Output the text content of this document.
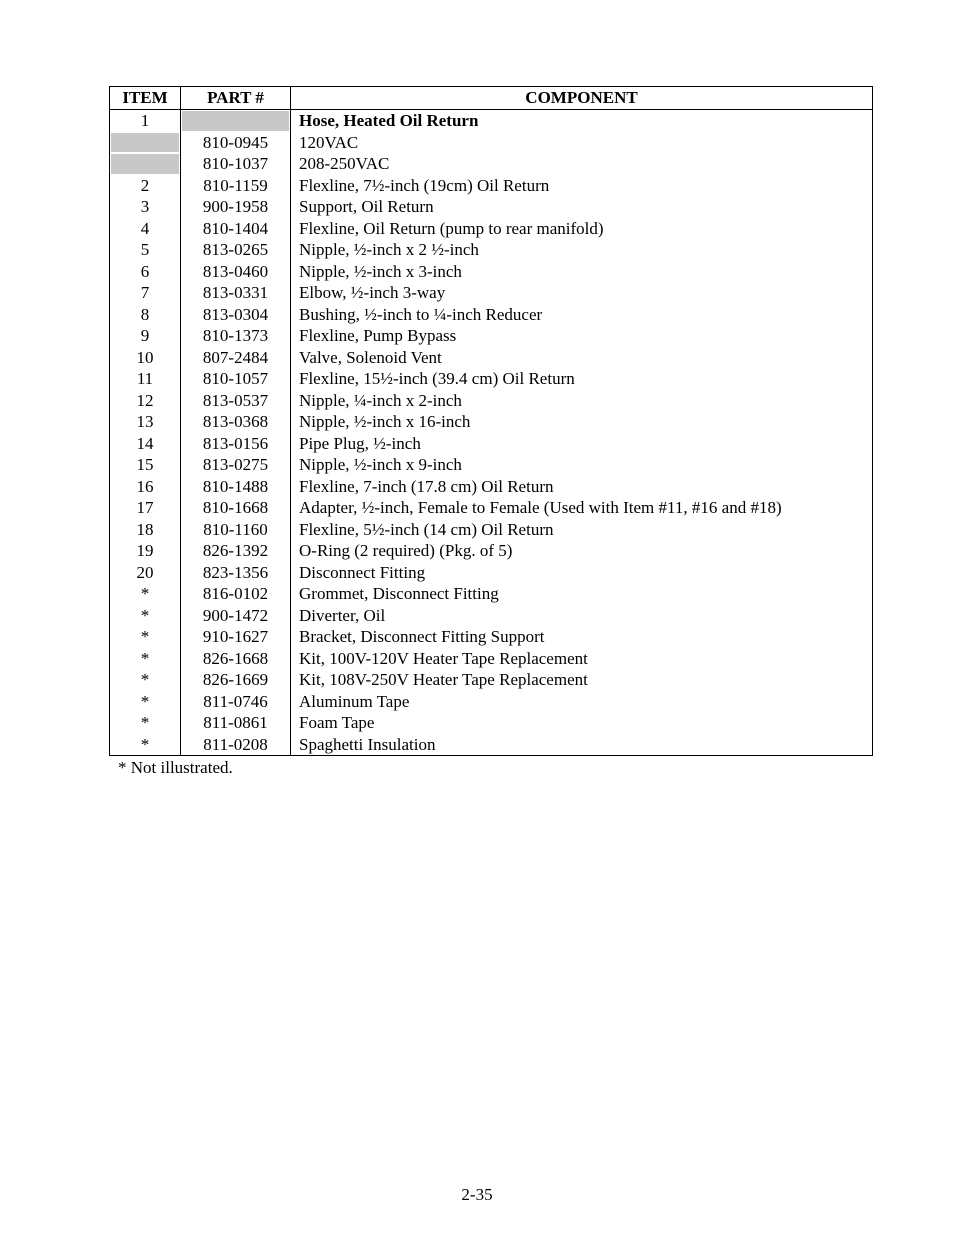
ITEM	PART #	COMPONENT
1		Hose, Heated Oil Return

	810-0945	120VAC

	810-1037	208-250VAC
2	810-1159	Flexline, 7½-inch (19cm) Oil Return
3	900-1958	Support, Oil Return
4	810-1404	Flexline, Oil Return (pump to rear manifold)
5	813-0265	Nipple, ½-inch x 2 ½-inch
6	813-0460	Nipple, ½-inch x 3-inch
7	813-0331	Elbow, ½-inch 3-way
8	813-0304	Bushing, ½-inch to ¼-inch Reducer
9	810-1373	Flexline, Pump Bypass
10	807-2484	Valve, Solenoid Vent
11	810-1057	Flexline, 15½-inch (39.4 cm) Oil Return
12	813-0537	Nipple, ¼-inch x 2-inch
13	813-0368	Nipple, ½-inch x 16-inch
14	813-0156	Pipe Plug, ½-inch
15	813-0275	Nipple, ½-inch x 9-inch
16	810-1488	Flexline, 7-inch (17.8 cm) Oil Return
17	810-1668	Adapter, ½-inch, Female to Female (Used with Item #11, #16 and #18)
18	810-1160	Flexline, 5½-inch (14 cm) Oil Return
19	826-1392	O-Ring (2 required) (Pkg. of 5)
20	823-1356	Disconnect Fitting
*	816-0102	Grommet, Disconnect Fitting
*	900-1472	Diverter, Oil
*	910-1627	Bracket, Disconnect Fitting Support
*	826-1668	Kit, 100V-120V Heater Tape Replacement
*	826-1669	Kit, 108V-250V Heater Tape Replacement
*	811-0746	Aluminum Tape
*	811-0861	Foam Tape
*	811-0208	Spaghetti Insulation
* Not illustrated.
2-35
